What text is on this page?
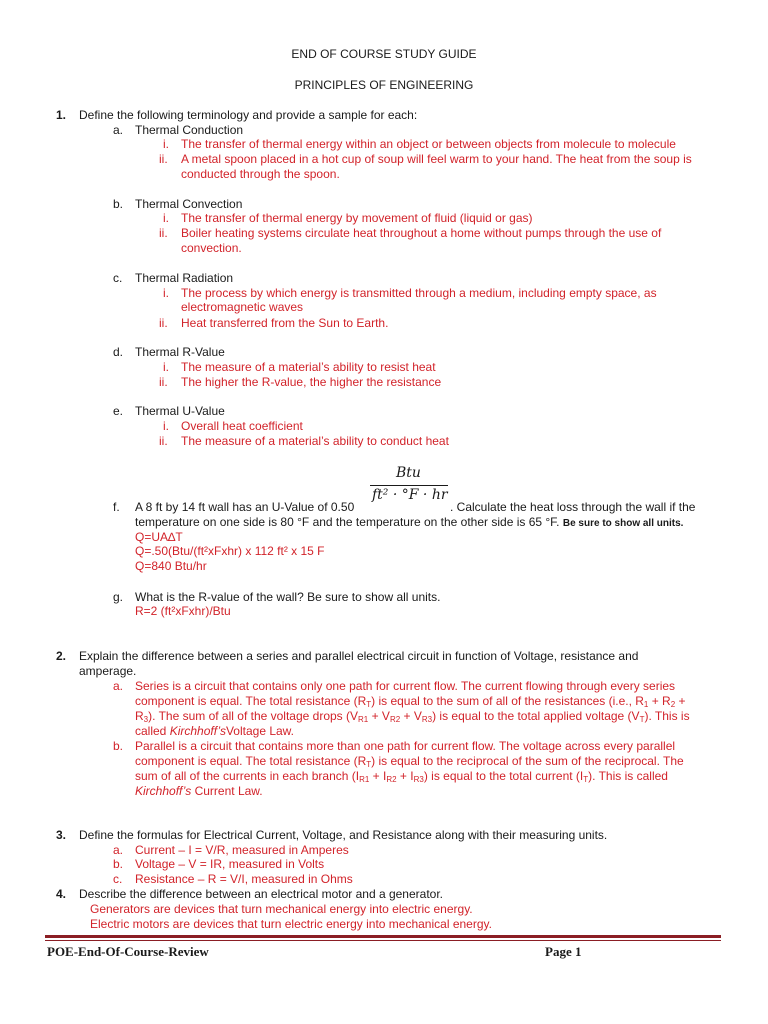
END OF COURSE STUDY GUIDE
PRINCIPLES OF ENGINEERING
1. Define the following terminology and provide a sample for each:
a. Thermal Conduction
i. The transfer of thermal energy within an object or between objects from molecule to molecule
ii. A metal spoon placed in a hot cup of soup will feel warm to your hand. The heat from the soup is
conducted through the spoon.
b. Thermal Convection
i. The transfer of thermal energy by movement of fluid (liquid or gas)
ii. Boiler heating systems circulate heat throughout a home without pumps through the use of
convection.
c. Thermal Radiation
i. The process by which energy is transmitted through a medium, including empty space, as
electromagnetic waves
ii. Heat transferred from the Sun to Earth.
d. Thermal R-Value
i. The measure of a material’s ability to resist heat
ii. The higher the R-value, the higher the resistance
e. Thermal U-Value
i. Overall heat coefficient
ii. The measure of a material’s ability to conduct heat
Btu
ft² · °F · hr
f. A 8 ft by 14 ft wall has an U-Value of 0.50	. Calculate the heat loss through the wall if the
temperature on one side is 80 °F and the temperature on the other side is 65 °F. Be sure to show all units.
Q=UA∆T
Q=.50(Btu/(ft²xFxhr) x 112 ft² x 15 F
Q=840 Btu/hr
g. What is the R-value of the wall? Be sure to show all units.
R=2 (ft²xFxhr)/Btu
2. Explain the difference between a series and parallel electrical circuit in function of Voltage, resistance and
amperage.
a. Series is a circuit that contains only one path for current flow. The current flowing through every series
component is equal. The total resistance $(R_T)$ is equal to the sum of all of the resistances (i.e., $R_1 + R_2$ +
$R_3$). The sum of all of the voltage drops $(V_{R1} + V_{R2} + V_{R3})$ is equal to the total applied voltage $(V_T)$. This is
called Kirchhoff’sVoltage Law.
b. Parallel is a circuit that contains more than one path for current flow. The voltage across every parallel
component is equal. The total resistance $(R_T)$ is equal to the reciprocal of the sum of the reciprocal. The
sum of all of the currents in each branch $(I_{R1} + I_{R2} + I_{R3})$ is equal to the total current $(I_T)$. This is called
Kirchhoff’s Current Law.
3. Define the formulas for Electrical Current, Voltage, and Resistance along with their measuring units.
a. Current – I = V/R, measured in Amperes
b. Voltage – V = IR, measured in Volts
c. Resistance – R = V/I, measured in Ohms
4. Describe the difference between an electrical motor and a generator.
Generators are devices that turn mechanical energy into electric energy.
Electric motors are devices that turn electric energy into mechanical energy.
POE-End-Of-Course-Review	Page 1
